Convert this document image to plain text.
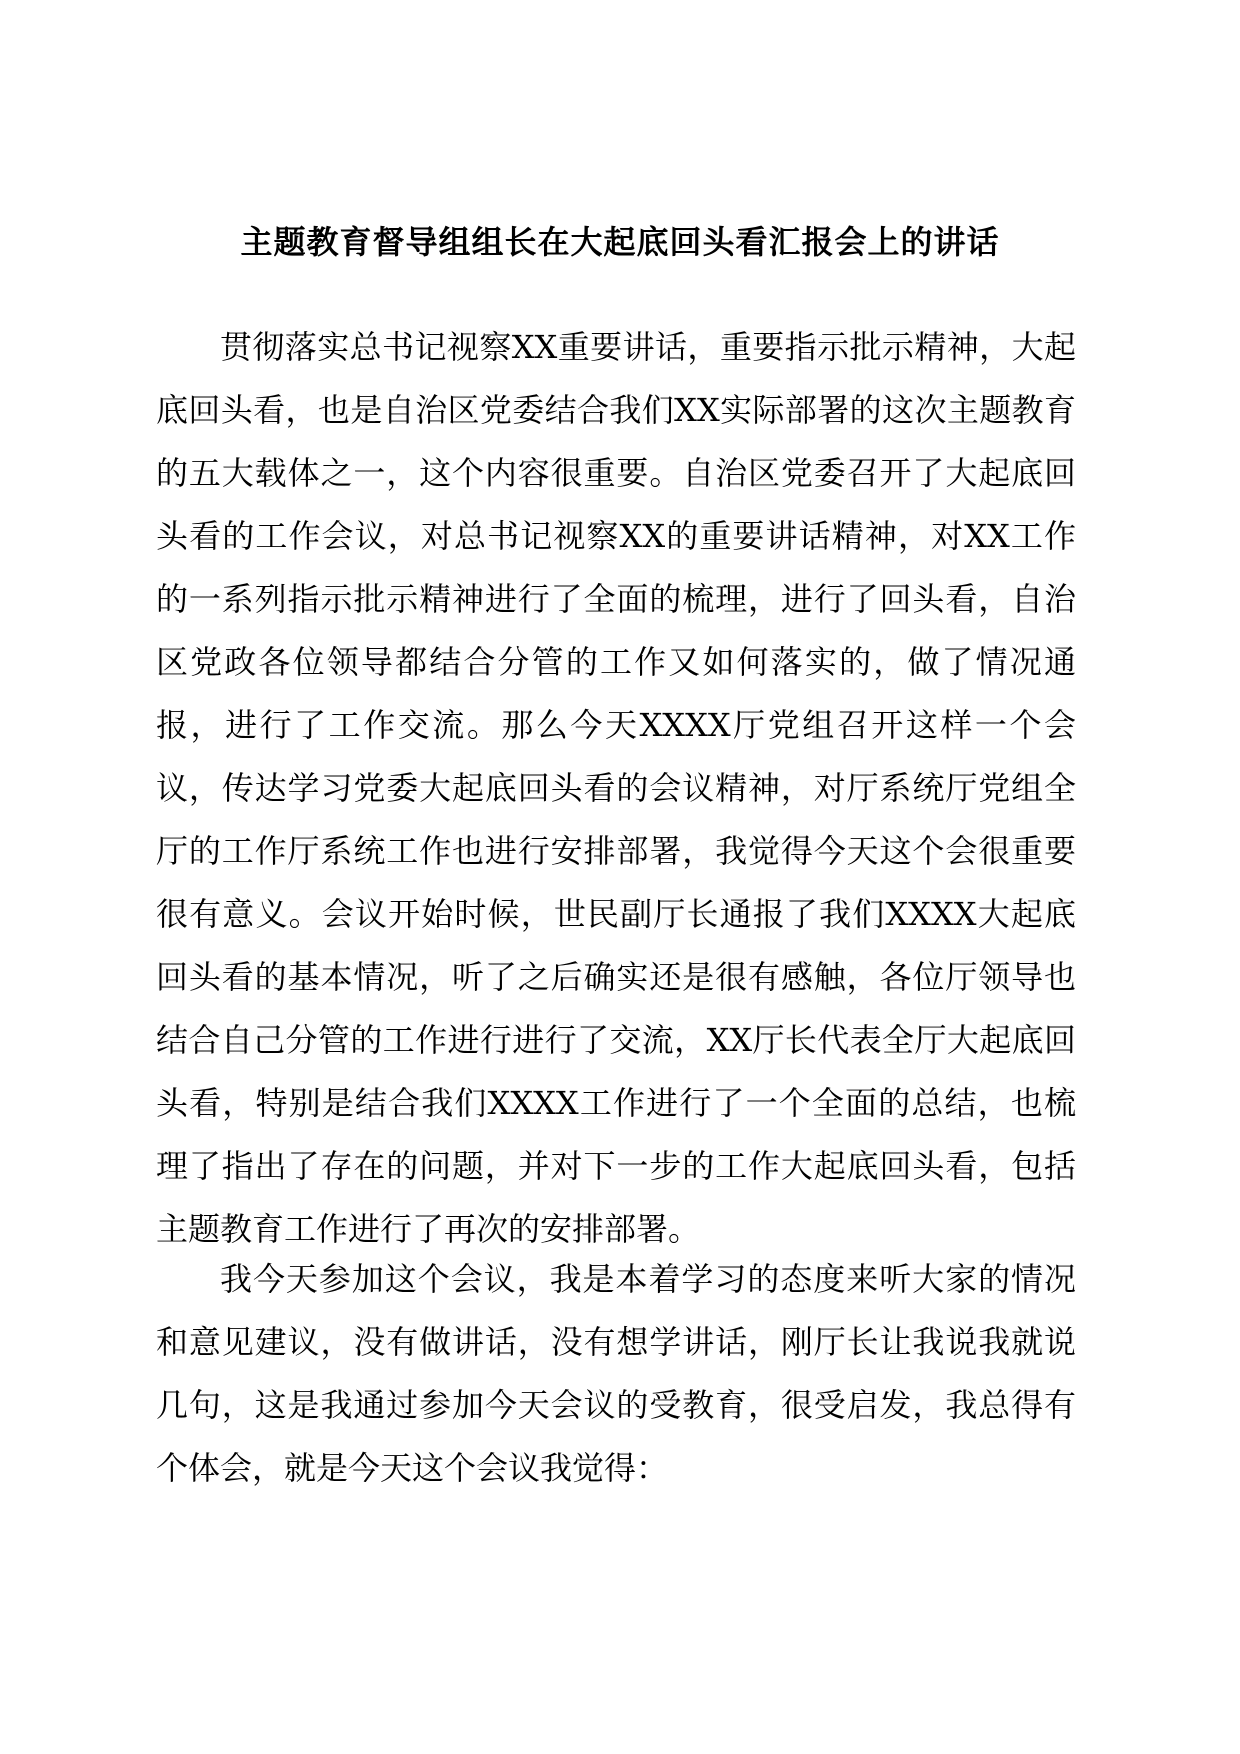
主题教育督导组组长在大起底回头看汇报会上的讲话

贯彻落实总书记视察XX重要讲话，重要指示批示精神，大起底回头看，也是自治区党委结合我们XX实际部署的这次主题教育的五大载体之一，这个内容很重要。自治区党委召开了大起底回头看的工作会议，对总书记视察XX的重要讲话精神，对XX工作的一系列指示批示精神进行了全面的梳理，进行了回头看，自治区党政各位领导都结合分管的工作又如何落实的，做了情况通报，进行了工作交流。那么今天XXXX厅党组召开这样一个会议，传达学习党委大起底回头看的会议精神，对厅系统厅党组全厅的工作厅系统工作也进行安排部署，我觉得今天这个会很重要很有意义。会议开始时候，世民副厅长通报了我们XXXX大起底回头看的基本情况，听了之后确实还是很有感触，各位厅领导也结合自己分管的工作进行进行了交流，XX厅长代表全厅大起底回头看，特别是结合我们XXXX工作进行了一个全面的总结，也梳理了指出了存在的问题，并对下一步的工作大起底回头看，包括主题教育工作进行了再次的安排部署。

我今天参加这个会议，我是本着学习的态度来听大家的情况和意见建议，没有做讲话，没有想学讲话，刚厅长让我说我就说几句，这是我通过参加今天会议的受教育，很受启发，我总得有个体会，就是今天这个会议我觉得：
